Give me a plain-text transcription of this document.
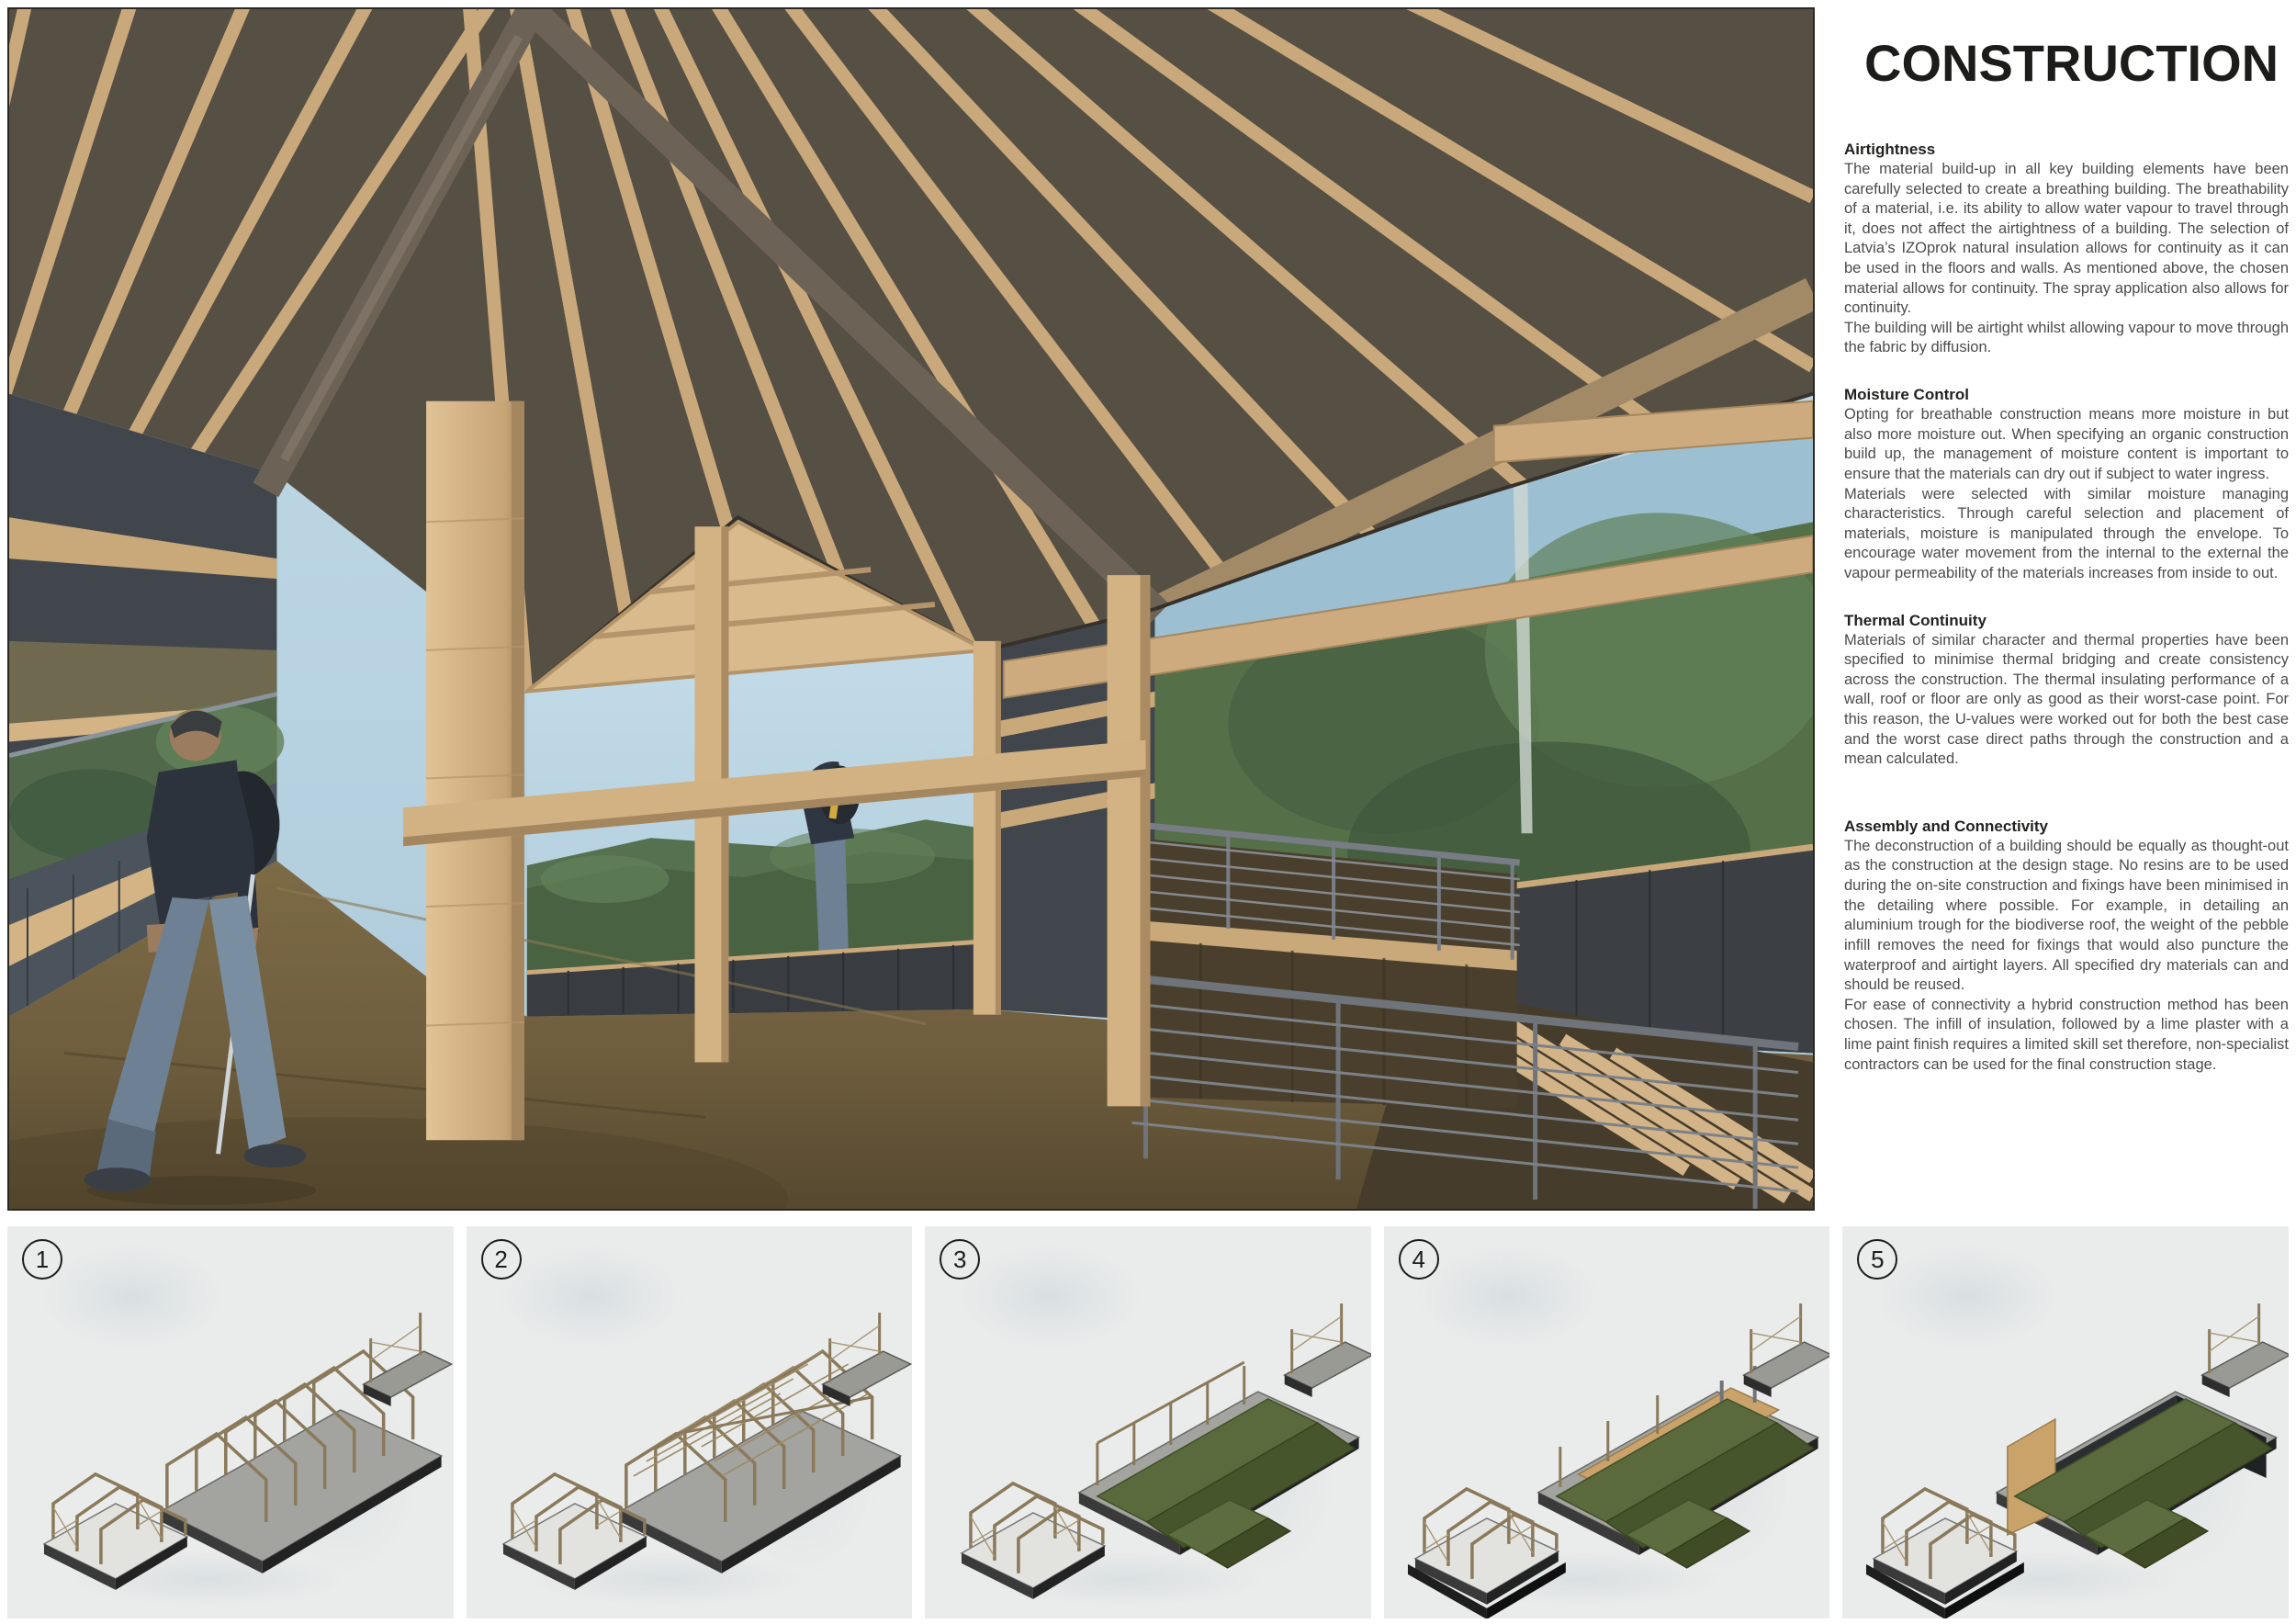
CONSTRUCTION
Airtightness

The material build-up in all key building elements have been carefully selected to create a breathing building. The breathability of a material, i.e. its ability to allow water vapour to travel through it, does not affect the airtightness of a building. The selection of Latvia’s IZOprok natural insulation allows for continuity as it can be used in the floors and walls. As mentioned above, the chosen material allows for continuity. The spray application also allows for continuity.

The building will be airtight whilst allowing vapour to move through the fabric by diffusion.

Moisture Control

Opting for breathable construction means more moisture in but also more moisture out. When specifying an organic construction build up, the management of moisture content is important to ensure that the materials can dry out if subject to water ingress.

Materials were selected with similar moisture managing characteristics. Through careful selection and placement of materials, moisture is manipulated through the envelope. To encourage water movement from the internal to the external the vapour permeability of the materials increases from inside to out.

Thermal Continuity

Materials of similar character and thermal properties have been specified to minimise thermal bridging and create consistency across the construction. The thermal insulating performance of a wall, roof or floor are only as good as their worst-case point. For this reason, the U-values were worked out for both the best case and the worst case direct paths through the construction and a mean calculated.

Assembly and Connectivity

The deconstruction of a building should be equally as thought-out as the construction at the design stage. No resins are to be used during the on-site construction and fixings have been minimised in the detailing where possible. For example, in detailing an aluminium trough for the biodiverse roof, the weight of the pebble infill removes the need for fixings that would also puncture the waterproof and airtight layers. All specified dry materials can and should be reused.

For ease of connectivity a hybrid construction method has been chosen. The infill of insulation, followed by a lime plaster with a lime paint finish requires a limited skill set therefore, non-specialist contractors can be used for the final construction stage.

1	2	3	4	5
